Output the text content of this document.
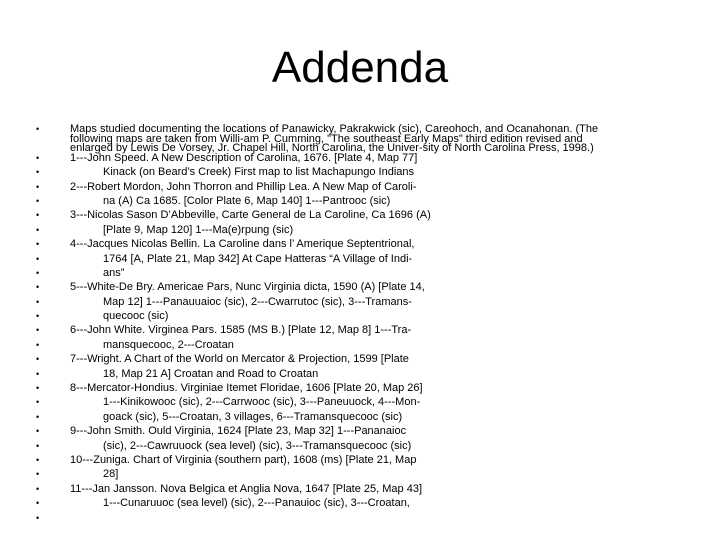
Addenda
•	Maps studied documenting the locations of Panawicky, Pakrakwick (sic), Careohoch, and Ocanahonan. (The
following maps are taken from Willi-am P. Cumming, "The southeast Early Maps" third edition revised and
enlarged by Lewis De Vorsey, Jr. Chapel Hill, North Carolina, the Univer-sity of North Carolina Press, 1998.)
•	1---John Speed. A New Description of Carolina, 1676. [Plate 4, Map 77]
•	Kinack (on Beard’s Creek) First map to list Machapungo Indians
•	2---Robert Mordon, John Thorron and Phillip Lea. A New Map of Caroli-
•	na (A) Ca 1685. [Color Plate 6, Map 140] 1---Pantrooc (sic)
•	3---Nicolas Sason D’Abbeville, Carte General de La Caroline, Ca 1696 (A)
•	[Plate 9, Map 120] 1---Ma(e)rpung (sic)
•	4---Jacques Nicolas Bellin. La Caroline dans l’ Amerique Septentrional,
•	1764 [A, Plate 21, Map 342] At Cape Hatteras “A Village of Indi-
•	ans”
•	5---White-De Bry. Americae Pars, Nunc Virginia dicta, 1590 (A) [Plate 14,
•	Map 12] 1---Panauuaioc (sic), 2---Cwarrutoc (sic), 3---Tramans-
•	quecooc (sic)
•	6---John White. Virginea Pars. 1585 (MS B.) [Plate 12, Map 8] 1---Tra-
•	mansquecooc, 2---Croatan
•	7---Wright. A Chart of the World on Mercator & Projection, 1599 [Plate
•	18, Map 21 A] Croatan and Road to Croatan
•	8---Mercator-Hondius. Virginiae Itemet Floridae, 1606 [Plate 20, Map 26]
•	1---Kinikowooc (sic), 2---Carrwooc (sic), 3---Paneuuock, 4---Mon-
•	goack (sic), 5---Croatan, 3 villages, 6---Tramansquecooc (sic)
•	9---John Smith. Ould Virginia, 1624 [Plate 23, Map 32] 1---Pananaioc
•	(sic), 2---Cawruuock (sea level) (sic), 3---Tramansquecooc (sic)
•	10---Zuniga. Chart of Virginia (southern part), 1608 (ms) [Plate 21, Map
•	28]
•	11---Jan Jansson. Nova Belgica et Anglia Nova, 1647 [Plate 25, Map 43]
•	1---Cunaruuoc (sea level) (sic), 2---Panauioc (sic), 3---Croatan,
•
